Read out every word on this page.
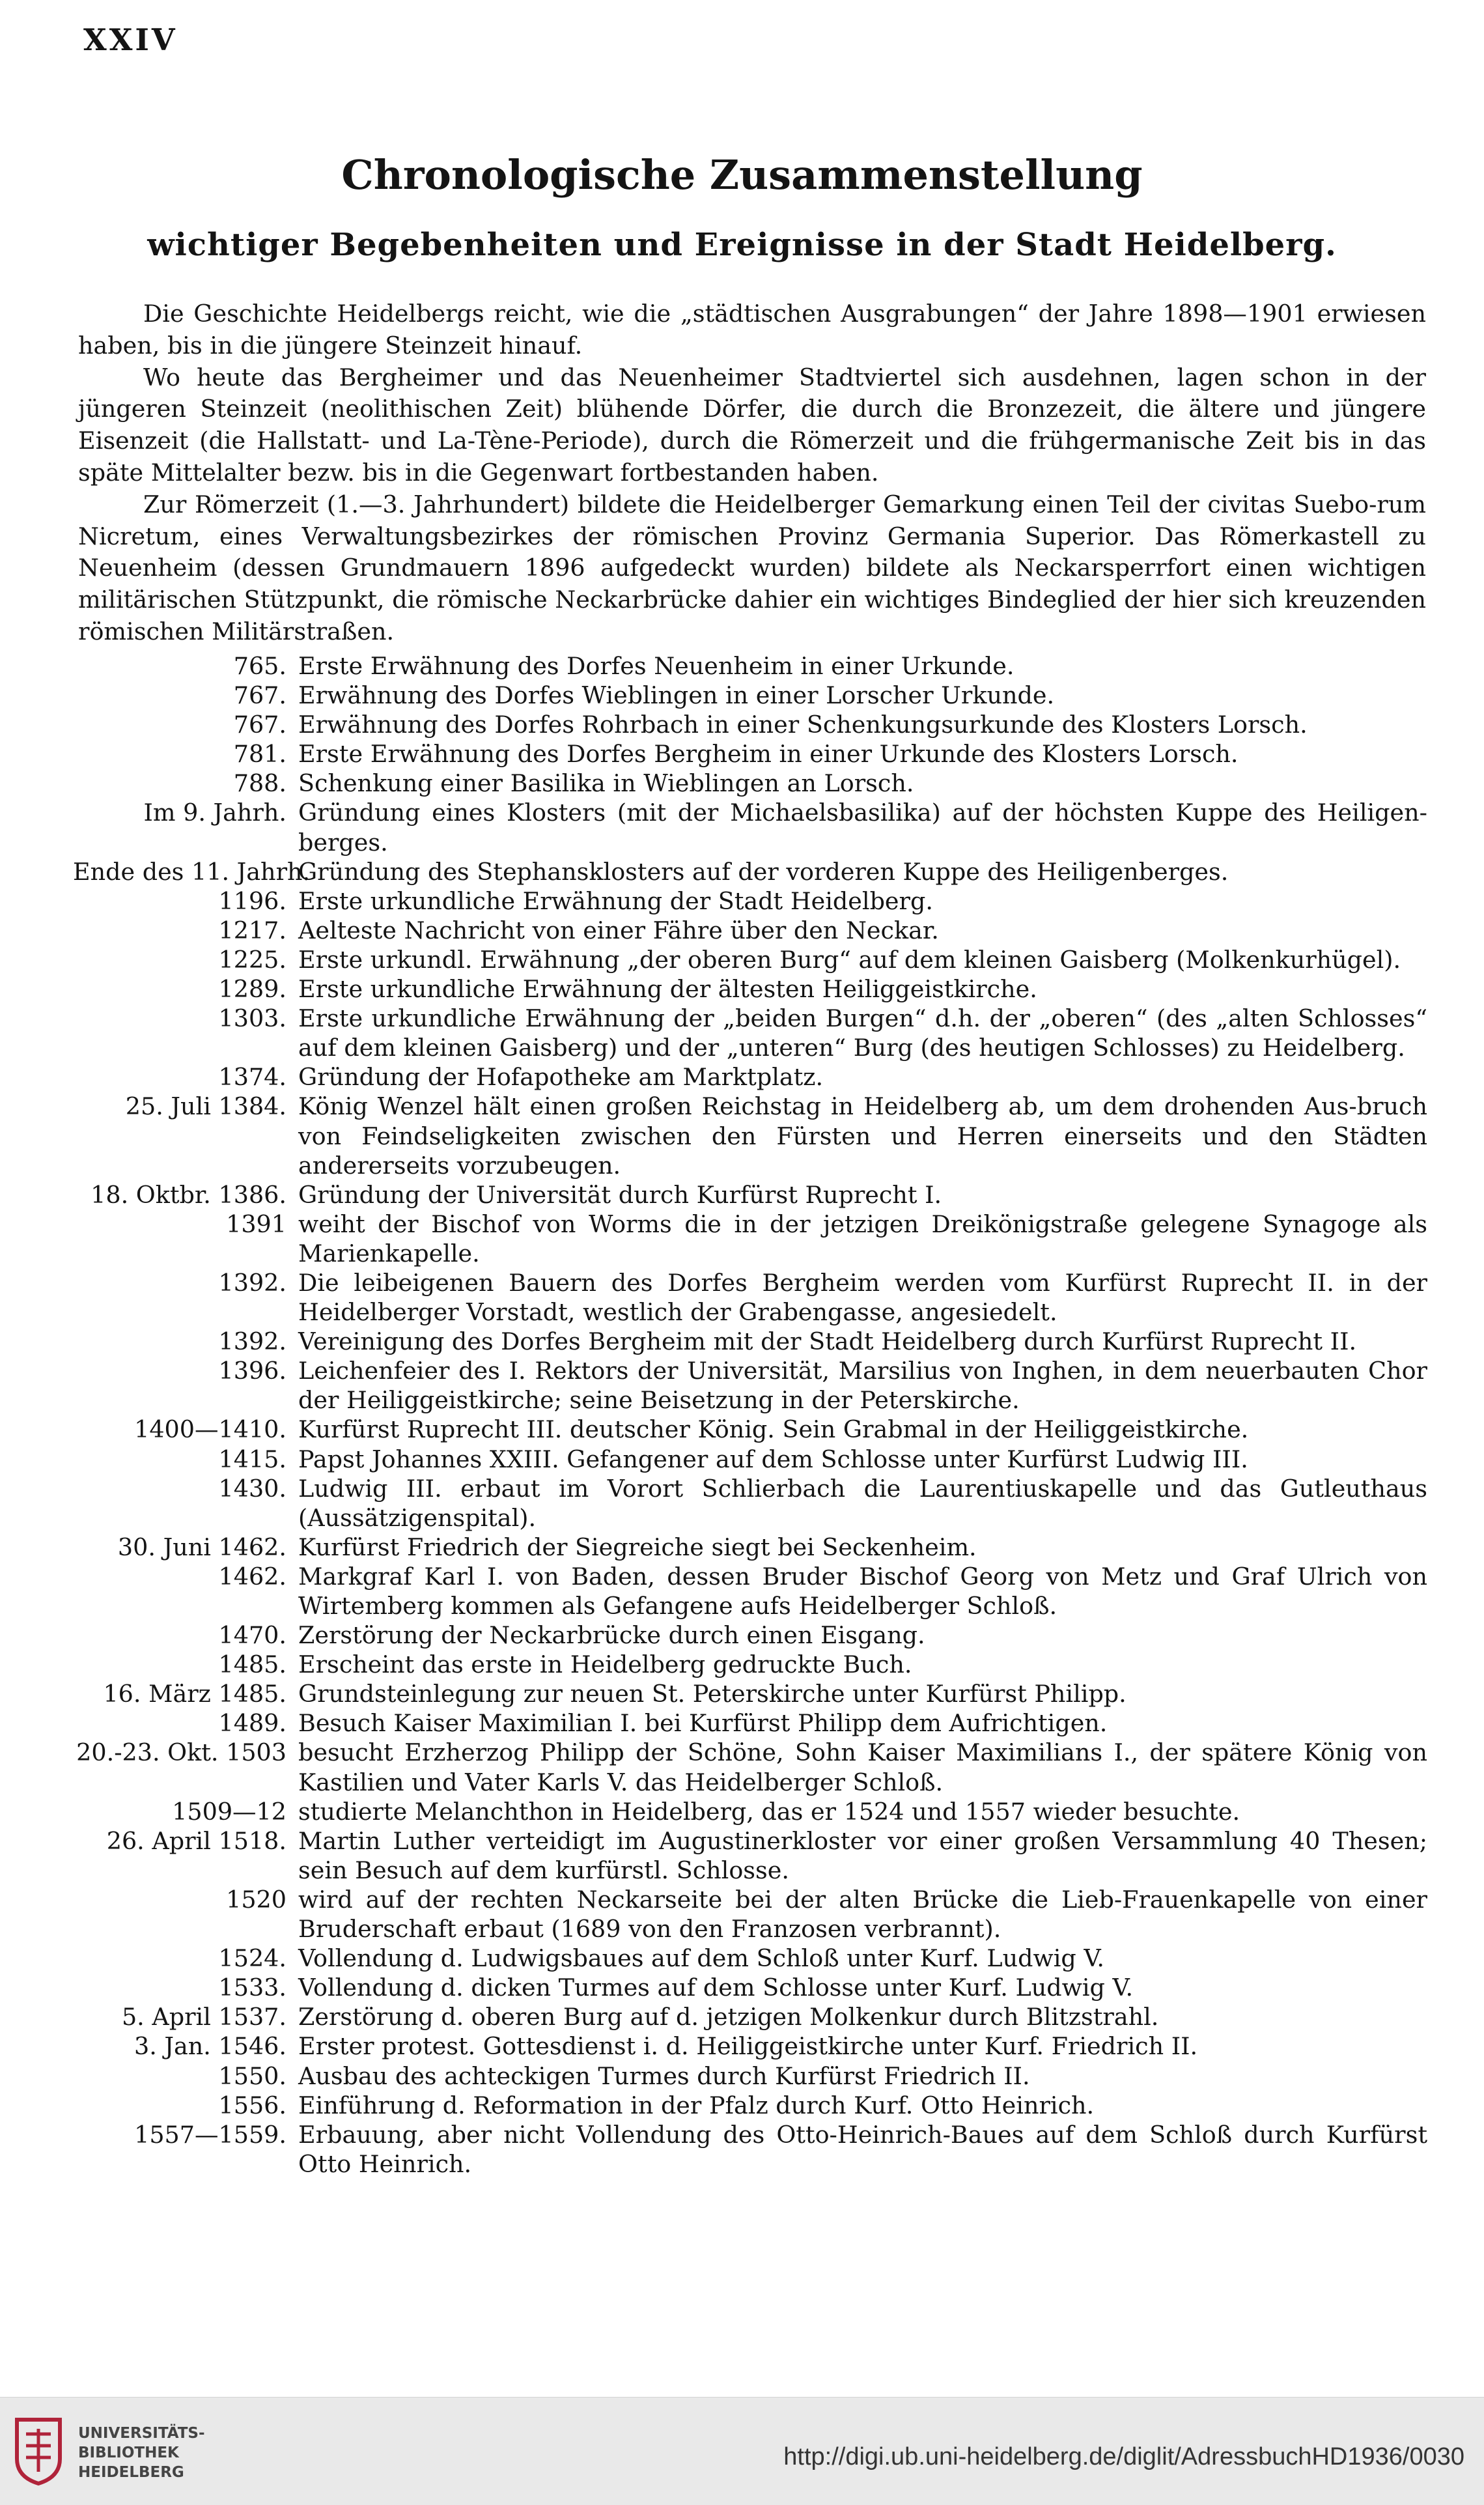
XXIV
Chronologische Zusammenstellung
wichtiger Begebenheiten und Ereignisse in der Stadt Heidelberg.

Die Geschichte Heidelbergs reicht, wie die „städtischen Ausgrabungen“ der Jahre 1898—1901 erwiesen haben, bis in die jüngere Steinzeit hinauf.

Wo heute das Bergheimer und das Neuenheimer Stadtviertel sich ausdehnen, lagen schon in der jüngeren Steinzeit (neolithischen Zeit) blühende Dörfer, die durch die Bronzezeit, die ältere und jüngere Eisenzeit (die Hallstatt- und La-Tène-Periode), durch die Römerzeit und die frühgermanische Zeit bis in das späte Mittelalter bezw. bis in die Gegenwart fortbestanden haben.

Zur Römerzeit (1.—3. Jahrhundert) bildete die Heidelberger Gemarkung einen Teil der civitas Suebo-rum Nicretum, eines Verwaltungsbezirkes der römischen Provinz Germania Superior. Das Römerkastell zu Neuenheim (dessen Grundmauern 1896 aufgedeckt wurden) bildete als Neckarsperrfort einen wichtigen militärischen Stützpunkt, die römische Neckarbrücke dahier ein wichtiges Bindeglied der hier sich kreuzenden römischen Militärstraßen.

765. Erste Erwähnung des Dorfes Neuenheim in einer Urkunde.
767. Erwähnung des Dorfes Wieblingen in einer Lorscher Urkunde.
767. Erwähnung des Dorfes Rohrbach in einer Schenkungsurkunde des Klosters Lorsch.
781. Erste Erwähnung des Dorfes Bergheim in einer Urkunde des Klosters Lorsch.
788. Schenkung einer Basilika in Wieblingen an Lorsch.
Im 9. Jahrh. Gründung eines Klosters (mit der Michaelsbasilika) auf der höchsten Kuppe des Heiligen-berges.
Ende des 11. Jahrh.
Gründung des Stephansklosters auf der vorderen Kuppe des Heiligenberges.
1196. Erste urkundliche Erwähnung der Stadt Heidelberg.
1217. Aelteste Nachricht von einer Fähre über den Neckar.
1225. Erste urkundl. Erwähnung „der oberen Burg“ auf dem kleinen Gaisberg (Molkenkurhügel).
1289. Erste urkundliche Erwähnung der ältesten Heiliggeistkirche.
1303. Erste urkundliche Erwähnung der „beiden Burgen“ d.h. der „oberen“ (des „alten Schlosses“ auf dem kleinen Gaisberg) und der „unteren“ Burg (des heutigen Schlosses) zu Heidelberg.
1374. Gründung der Hofapotheke am Marktplatz.
25. Juli 1384. König Wenzel hält einen großen Reichstag in Heidelberg ab, um dem drohenden Aus-bruch von Feindseligkeiten zwischen den Fürsten und Herren einerseits und den Städten andererseits vorzubeugen.
18. Oktbr. 1386. Gründung der Universität durch Kurfürst Ruprecht I.
1391 weiht der Bischof von Worms die in der jetzigen Dreikönigstraße gelegene Synagoge als Marienkapelle.
1392. Die leibeigenen Bauern des Dorfes Bergheim werden vom Kurfürst Ruprecht II. in der Heidelberger Vorstadt, westlich der Grabengasse, angesiedelt.
1392. Vereinigung des Dorfes Bergheim mit der Stadt Heidelberg durch Kurfürst Ruprecht II.
1396. Leichenfeier des I. Rektors der Universität, Marsilius von Inghen, in dem neuerbauten Chor der Heiliggeistkirche; seine Beisetzung in der Peterskirche.
1400—1410. Kurfürst Ruprecht III. deutscher König. Sein Grabmal in der Heiliggeistkirche.
1415. Papst Johannes XXIII. Gefangener auf dem Schlosse unter Kurfürst Ludwig III.
1430. Ludwig III. erbaut im Vorort Schlierbach die Laurentiuskapelle und das Gutleuthaus (Aussätzigenspital).
30. Juni 1462. Kurfürst Friedrich der Siegreiche siegt bei Seckenheim.
1462. Markgraf Karl I. von Baden, dessen Bruder Bischof Georg von Metz und Graf Ulrich von Wirtemberg kommen als Gefangene aufs Heidelberger Schloß.
1470. Zerstörung der Neckarbrücke durch einen Eisgang.
1485. Erscheint das erste in Heidelberg gedruckte Buch.
16. März 1485. Grundsteinlegung zur neuen St. Peterskirche unter Kurfürst Philipp.
1489. Besuch Kaiser Maximilian I. bei Kurfürst Philipp dem Aufrichtigen.
20.-23. Okt. 1503 besucht Erzherzog Philipp der Schöne, Sohn Kaiser Maximilians I., der spätere König von Kastilien und Vater Karls V. das Heidelberger Schloß.
1509—12 studierte Melanchthon in Heidelberg, das er 1524 und 1557 wieder besuchte.
26. April 1518. Martin Luther verteidigt im Augustinerkloster vor einer großen Versammlung 40 Thesen; sein Besuch auf dem kurfürstl. Schlosse.
1520 wird auf der rechten Neckarseite bei der alten Brücke die Lieb-Frauenkapelle von einer Bruderschaft erbaut (1689 von den Franzosen verbrannt).
1524. Vollendung d. Ludwigsbaues auf dem Schloß unter Kurf. Ludwig V.
1533. Vollendung d. dicken Turmes auf dem Schlosse unter Kurf. Ludwig V.
5. April 1537. Zerstörung d. oberen Burg auf d. jetzigen Molkenkur durch Blitzstrahl.
3. Jan. 1546. Erster protest. Gottesdienst i. d. Heiliggeistkirche unter Kurf. Friedrich II.
1550. Ausbau des achteckigen Turmes durch Kurfürst Friedrich II.
1556. Einführung d. Reformation in der Pfalz durch Kurf. Otto Heinrich.
1557—1559. Erbauung, aber nicht Vollendung des Otto-Heinrich-Baues auf dem Schloß durch Kurfürst Otto Heinrich.
UNIVERSITÄTS-
BIBLIOTHEK
HEIDELBERG
http://digi.ub.uni-heidelberg.de/diglit/AdressbuchHD1936/0030
